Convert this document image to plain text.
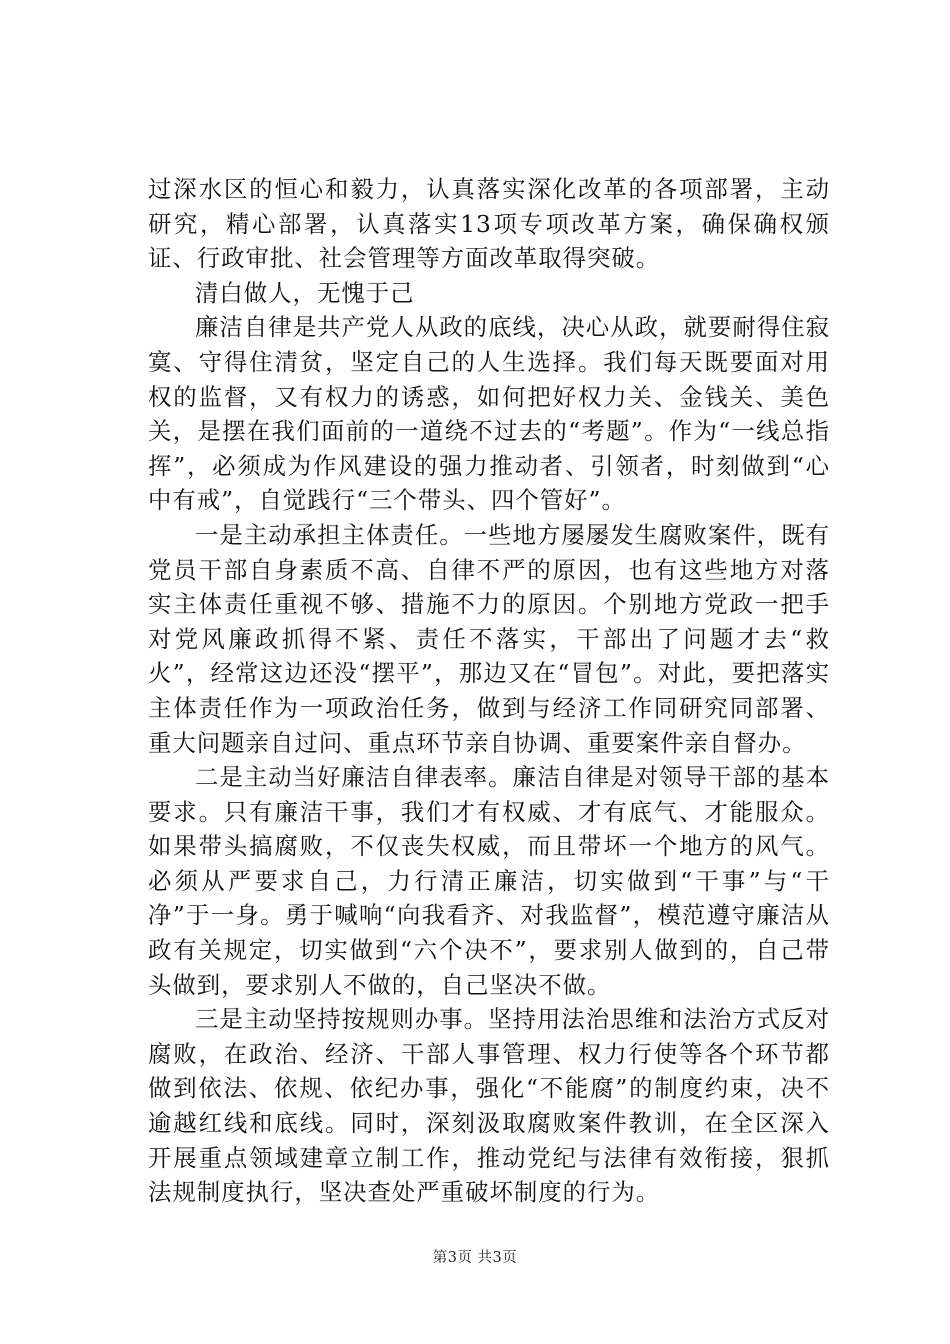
过深水区的恒心和毅力，认真落实深化改革的各项部署，主动研究，精心部署，认真落实13项专项改革方案，确保确权颁证、行政审批、社会管理等方面改革取得突破。

清白做人，无愧于己

廉洁自律是共产党人从政的底线，决心从政，就要耐得住寂寞、守得住清贫，坚定自己的人生选择。我们每天既要面对用权的监督，又有权力的诱惑，如何把好权力关、金钱关、美色关，是摆在我们面前的一道绕不过去的“考题”。作为“一线总指挥”，必须成为作风建设的强力推动者、引领者，时刻做到“心中有戒”，自觉践行“三个带头、四个管好”。

一是主动承担主体责任。一些地方屡屡发生腐败案件，既有党员干部自身素质不高、自律不严的原因，也有这些地方对落实主体责任重视不够、措施不力的原因。个别地方党政一把手对党风廉政抓得不紧、责任不落实，干部出了问题才去“救火”，经常这边还没“摆平”，那边又在“冒包”。对此，要把落实主体责任作为一项政治任务，做到与经济工作同研究同部署、重大问题亲自过问、重点环节亲自协调、重要案件亲自督办。

二是主动当好廉洁自律表率。廉洁自律是对领导干部的基本要求。只有廉洁干事，我们才有权威、才有底气、才能服众。如果带头搞腐败，不仅丧失权威，而且带坏一个地方的风气。必须从严要求自己，力行清正廉洁，切实做到“干事”与“干净”于一身。勇于喊响“向我看齐、对我监督”，模范遵守廉洁从政有关规定，切实做到“六个决不”，要求别人做到的，自己带头做到，要求别人不做的，自己坚决不做。

三是主动坚持按规则办事。坚持用法治思维和法治方式反对腐败，在政治、经济、干部人事管理、权力行使等各个环节都做到依法、依规、依纪办事，强化“不能腐”的制度约束，决不逾越红线和底线。同时，深刻汲取腐败案件教训，在全区深入开展重点领域建章立制工作，推动党纪与法律有效衔接，狠抓法规制度执行，坚决查处严重破坏制度的行为。

第3页 共3页
